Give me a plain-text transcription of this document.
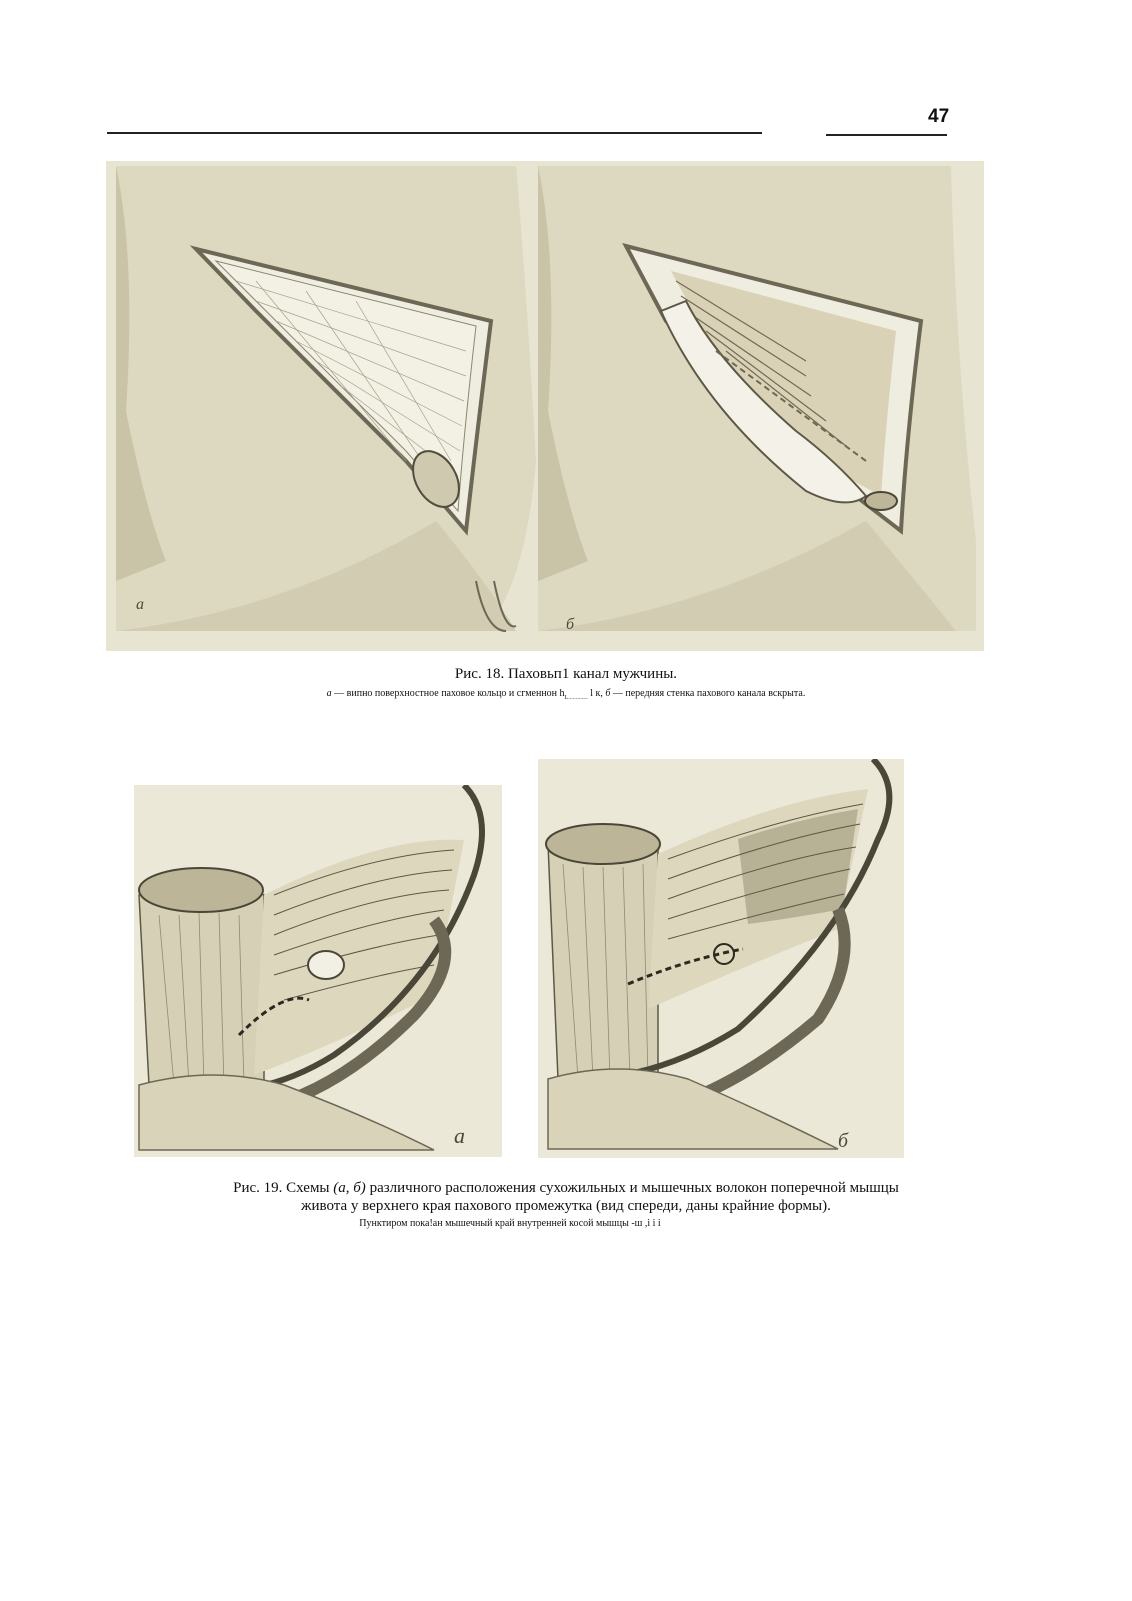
47
а
б
Рис. 18. Паховьп1 канал мужчины.
а — випно поверхностное паховое кольцо и сгменнон $h_{L.............}$ l к, б — передняя стенка пахового канала вскрыта.
а	б
Рис. 19. Схемы (а, б) различного расположения сухожильных и мышечных волокон поперечной мышцы
живота у верхнего края пахового промежутка (вид спереди, даны крайние формы).
Пунктиром пока!ан мышечный край внутренней косой мышцы -ш ,i i i
